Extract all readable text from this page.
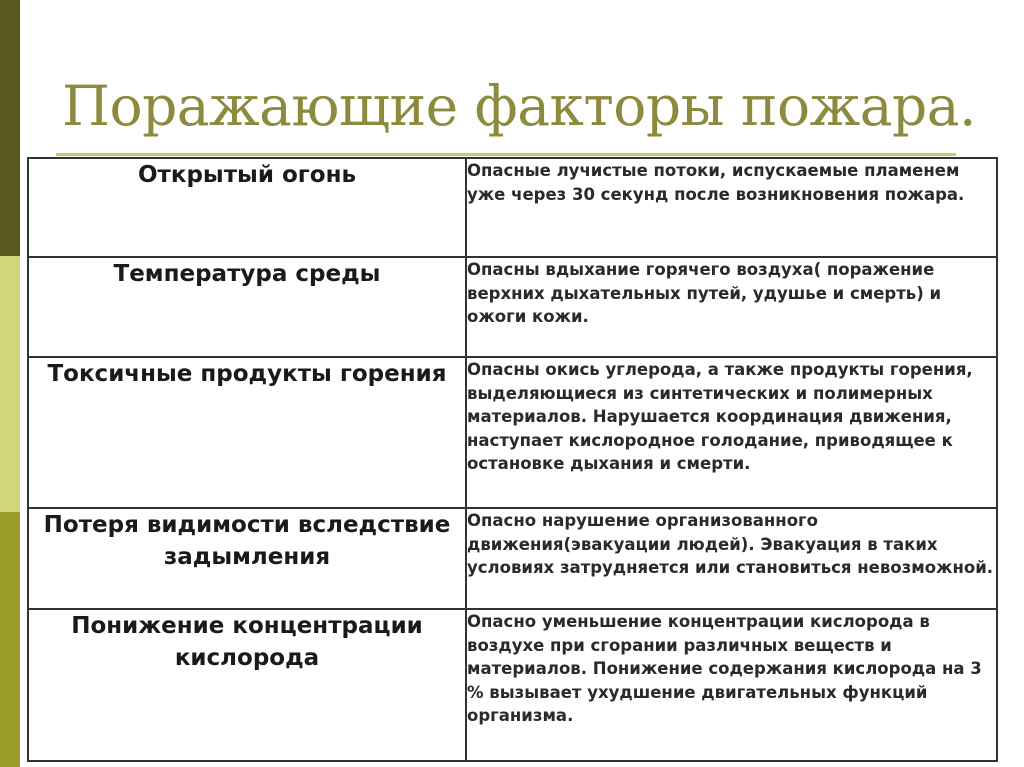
Поражающие факторы пожара.
Открытый огонь	Опасные лучистые потоки, испускаемые пламенем уже через 30 секунд после возникновения пожара.
Температура среды	Опасны вдыхание горячего воздуха( поражение верхних дыхательных путей, удушье и смерть) и ожоги кожи.
Токсичные продукты горения	Опасны окись углерода, а также продукты горения, выделяющиеся из синтетических и полимерных материалов. Нарушается координация движения, наступает кислородное голодание, приводящее к остановке дыхания и смерти.
Потеря видимости вследствие задымления	Опасно нарушение организованного движения(эвакуации людей). Эвакуация в таких условиях затрудняется или становиться невозможной.
Понижение концентрации кислорода	Опасно уменьшение концентрации кислорода в воздухе при сгорании различных веществ и материалов. Понижение содержания кислорода на 3 % вызывает ухудшение двигательных функций организма.
